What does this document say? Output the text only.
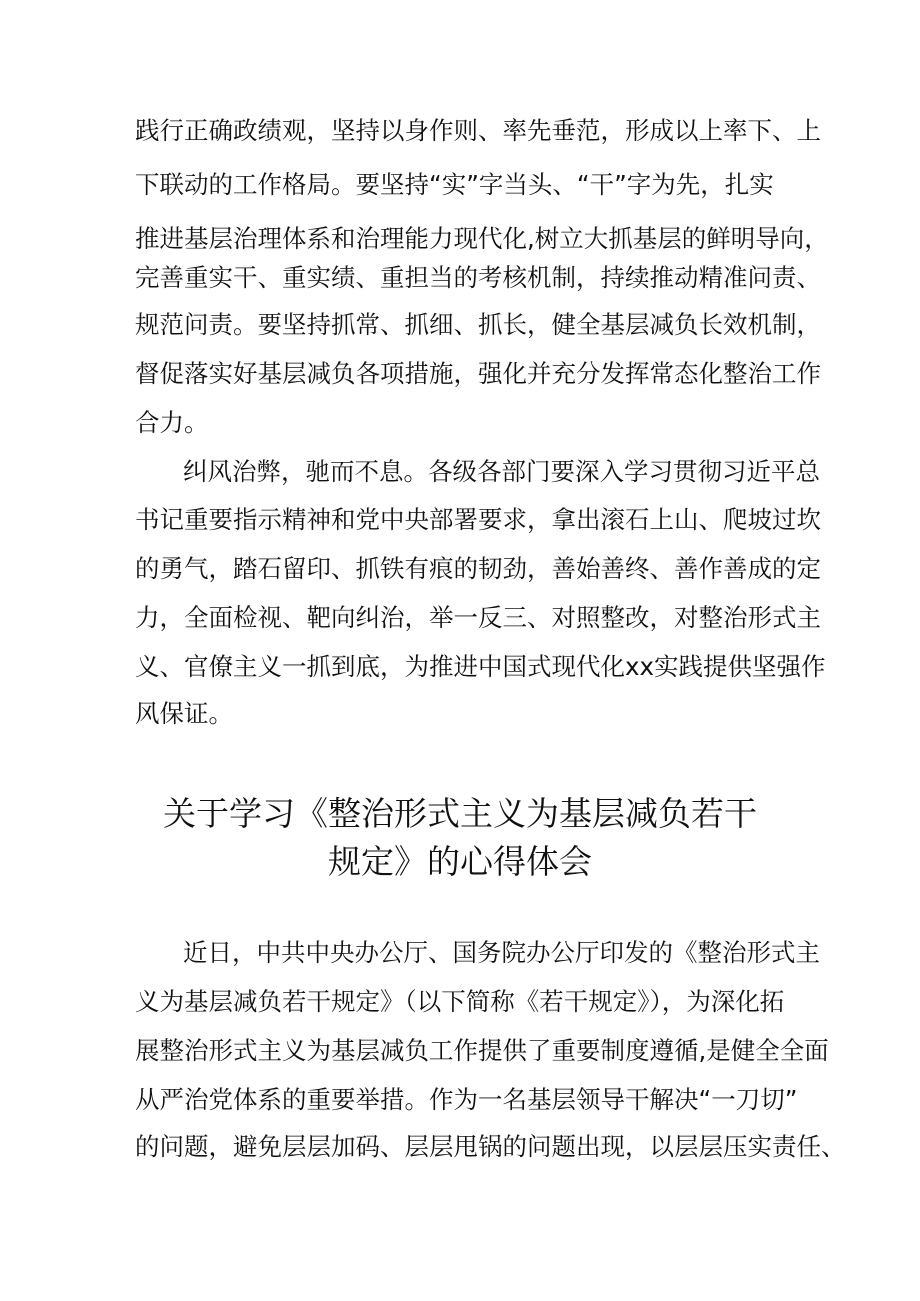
践行正确政绩观，坚持以身作则、率先垂范，形成以上率下、上
下联动的工作格局。要坚持“实”字当头、“干”字为先，扎实
推进基层治理体系和治理能力现代化,树立大抓基层的鲜明导向，
完善重实干、重实绩、重担当的考核机制，持续推动精准问责、
规范问责。要坚持抓常、抓细、抓长，健全基层减负长效机制，
督促落实好基层减负各项措施，强化并充分发挥常态化整治工作
合力。
纠风治弊，驰而不息。各级各部门要深入学习贯彻习近平总
书记重要指示精神和党中央部署要求，拿出滚石上山、爬坡过坎
的勇气，踏石留印、抓铁有痕的韧劲，善始善终、善作善成的定
力，全面检视、靶向纠治，举一反三、对照整改，对整治形式主
义、官僚主义一抓到底，为推进中国式现代化xx实践提供坚强作
风保证。
关于学习《整治形式主义为基层减负若干
规定》的心得体会
近日，中共中央办公厅、国务院办公厅印发的《整治形式主
义为基层减负若干规定》（以下简称《若干规定》），为深化拓
展整治形式主义为基层减负工作提供了重要制度遵循,是健全全面
从严治党体系的重要举措。作为一名基层领导干解决“一刀切”
的问题，避免层层加码、层层甩锅的问题出现，以层层压实责任、
